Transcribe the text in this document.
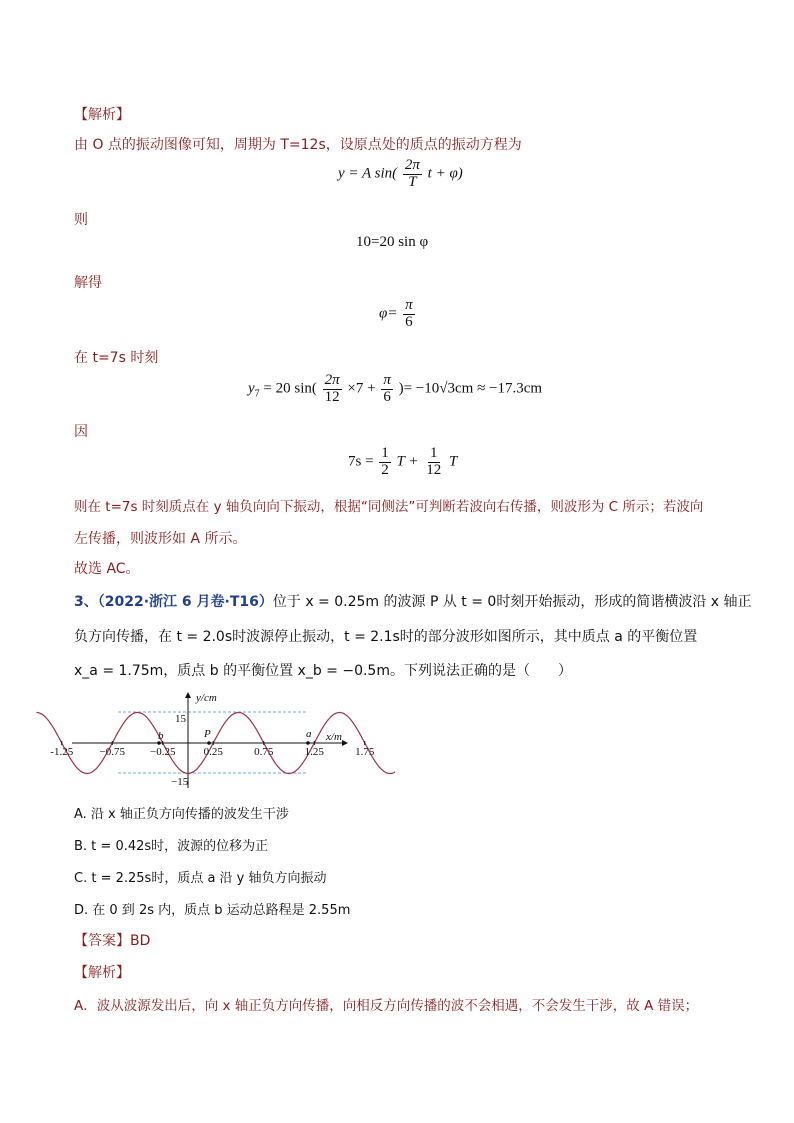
【解析】
由 O 点的振动图像可知，周期为 T=12s，设原点处的质点的振动方程为
y = A $\sin( \frac{2\pi}{T}$ t + φ)
则
10=20 sin φ
解得
$\varphi= \frac{\pi}{6}$
在 t=7s 时刻
$y_7 = 20$ $\sin( \frac{2\pi}{12} \times 7 + \frac{\pi}{6}$ )= −10√3cm ≈ −17.3cm
因
$7s = \frac{1}{2}$ $T + \frac{1}{12}$ T
则在 t=7s 时刻质点在 y 轴负向向下振动，根据“同侧法”可判断若波向右传播，则波形为 C 所示；若波向
左传播，则波形如 A 所示。
故选 AC。
3、（2022·浙江 6 月卷·T16）位于 x = 0.25m 的波源 P 从 t = 0时刻开始振动，形成的简谐横波沿 x 轴正
负方向传播，在 t = 2.0s时波源停止振动，t = 2.1s时的部分波形如图所示，其中质点 a 的平衡位置
x_a = 1.75m，质点 b 的平衡位置 x_b = −0.5m。下列说法正确的是（　　）
y/cm
x/m
15
−15
b	P	a
-1.25 −0.75 −0.25	0.25	0.75	1.25	1.75
A. 沿 x 轴正负方向传播的波发生干涉
B. t = 0.42s时，波源的位移为正
C. t = 2.25s时，质点 a 沿 y 轴负方向振动
D. 在 0 到 2s 内，质点 b 运动总路程是 2.55m
【答案】BD
【解析】
A．波从波源发出后，向 x 轴正负方向传播，向相反方向传播的波不会相遇，不会发生干涉，故 A 错误；
